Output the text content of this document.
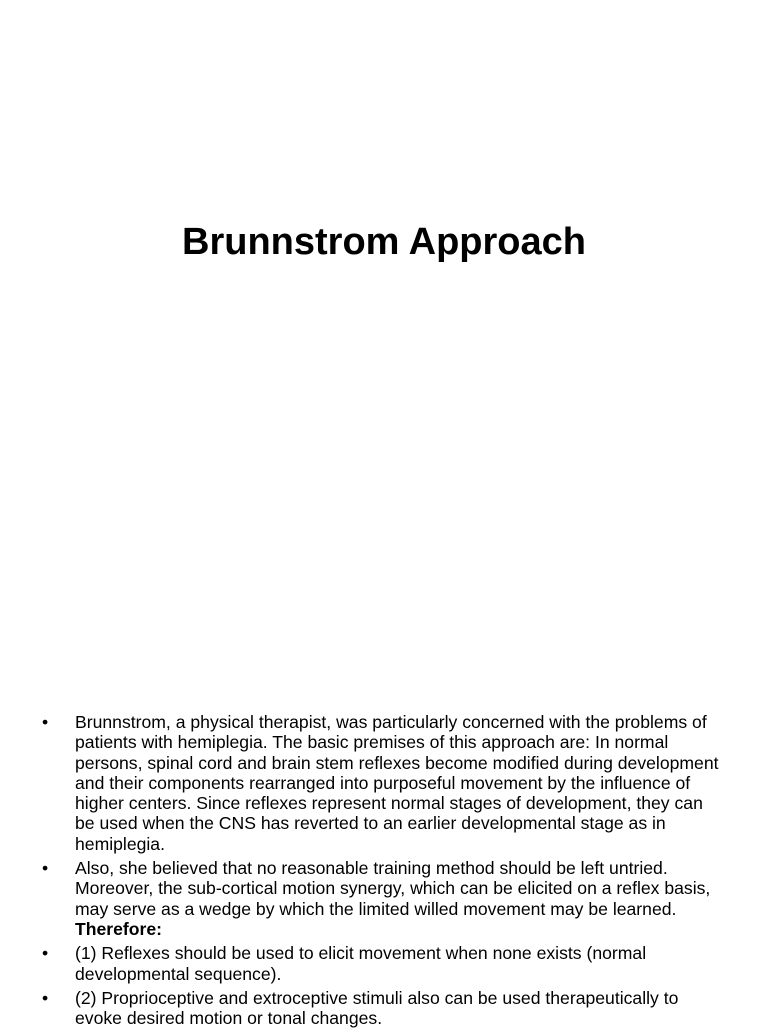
Brunnstrom Approach
•	Brunnstrom, a physical therapist, was particularly concerned with the problems of patients with hemiplegia. The basic premises of this approach are: In normal persons, spinal cord and brain stem reflexes become modified during development and their components rearranged into purposeful movement by the influence of higher centers. Since reflexes represent normal stages of development, they can be used when the CNS has reverted to an earlier developmental stage as in hemiplegia.
•	Also, she believed that no reasonable training method should be left untried. Moreover, the sub-cortical motion synergy, which can be elicited on a reflex basis, may serve as a wedge by which the limited willed movement may be learned. Therefore:
•	(1) Reflexes should be used to elicit movement when none exists (normal developmental sequence).
•	(2) Proprioceptive and extroceptive stimuli also can be used therapeutically to evoke desired motion or tonal changes.
